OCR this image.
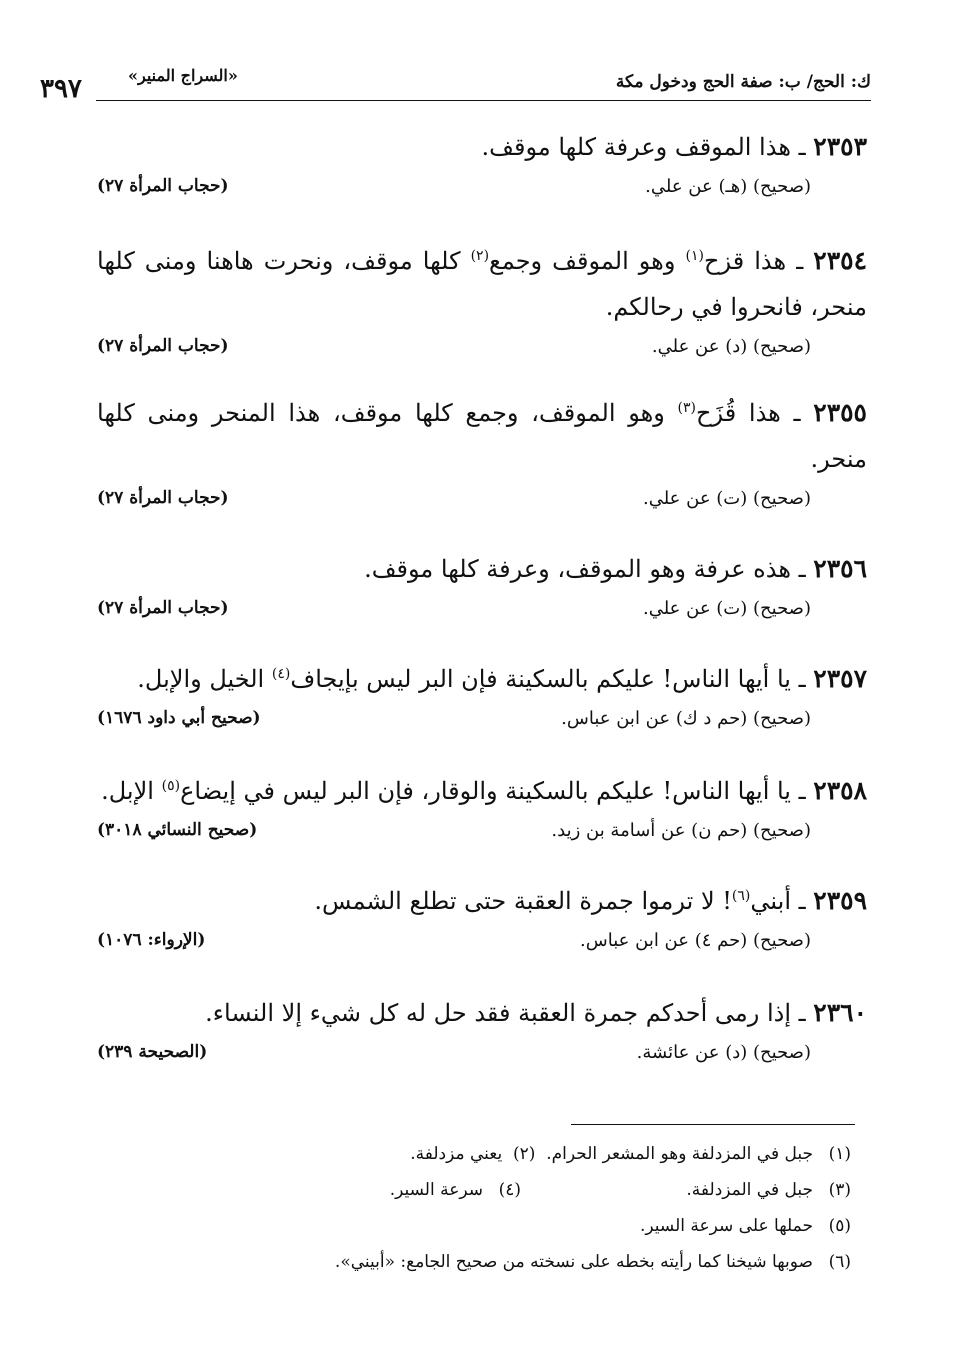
ك: الحج/ ب: صفة الحج ودخول مكة
«السراج المنير»
٣٩٧

٢٣٥٣ ـ هذا الموقف وعرفة كلها موقف.

(صحيح) (هـ) عن علي.
(حجاب المرأة ٢٧)

٢٣٥٤ ـ هذا قزح$^{(١)}$ وهو الموقف وجمع$^{(٢)}$ كلها موقف، ونحرت هاهنا ومنى كلها منحر، فانحروا في رحالكم.

(صحيح) (د) عن علي.
(حجاب المرأة ٢٧)

٢٣٥٥ ـ هذا قُزَح$^{(٣)}$ وهو الموقف، وجمع كلها موقف، هذا المنحر ومنى كلها منحر.

(صحيح) (ت) عن علي.
(حجاب المرأة ٢٧)

٢٣٥٦ ـ هذه عرفة وهو الموقف، وعرفة كلها موقف.

(صحيح) (ت) عن علي.
(حجاب المرأة ٢٧)

٢٣٥٧ ـ يا أيها الناس! عليكم بالسكينة فإن البر ليس بإيجاف$^{(٤)}$ الخيل والإبل.

(صحيح) (حم د ك) عن ابن عباس.
(صحيح أبي داود ١٦٧٦)

٢٣٥٨ ـ يا أيها الناس! عليكم بالسكينة والوقار، فإن البر ليس في إيضاع$^{(٥)}$ الإبل.

(صحيح) (حم ن) عن أسامة بن زيد.
(صحيح النسائي ٣٠١٨)

٢٣٥٩ ـ أبني$^{(٦)}$! لا ترموا جمرة العقبة حتى تطلع الشمس.

(صحيح) (حم ٤) عن ابن عباس.
(الإرواء: ١٠٧٦)

٢٣٦٠ ـ إذا رمى أحدكم جمرة العقبة فقد حل له كل شيء إلا النساء.

(صحيح) (د) عن عائشة.
(الصحيحة ٢٣٩)
(١)جبل في المزدلفة وهو المشعر الحرام.  (٢)  يعني مزدلفة.
(٣)جبل في المزدلفة.
(٤)سرعة السير.
(٥)حملها على سرعة السير.
(٦)صوبها شيخنا كما رأيته بخطه على نسخته من صحيح الجامع: «أبيني».
